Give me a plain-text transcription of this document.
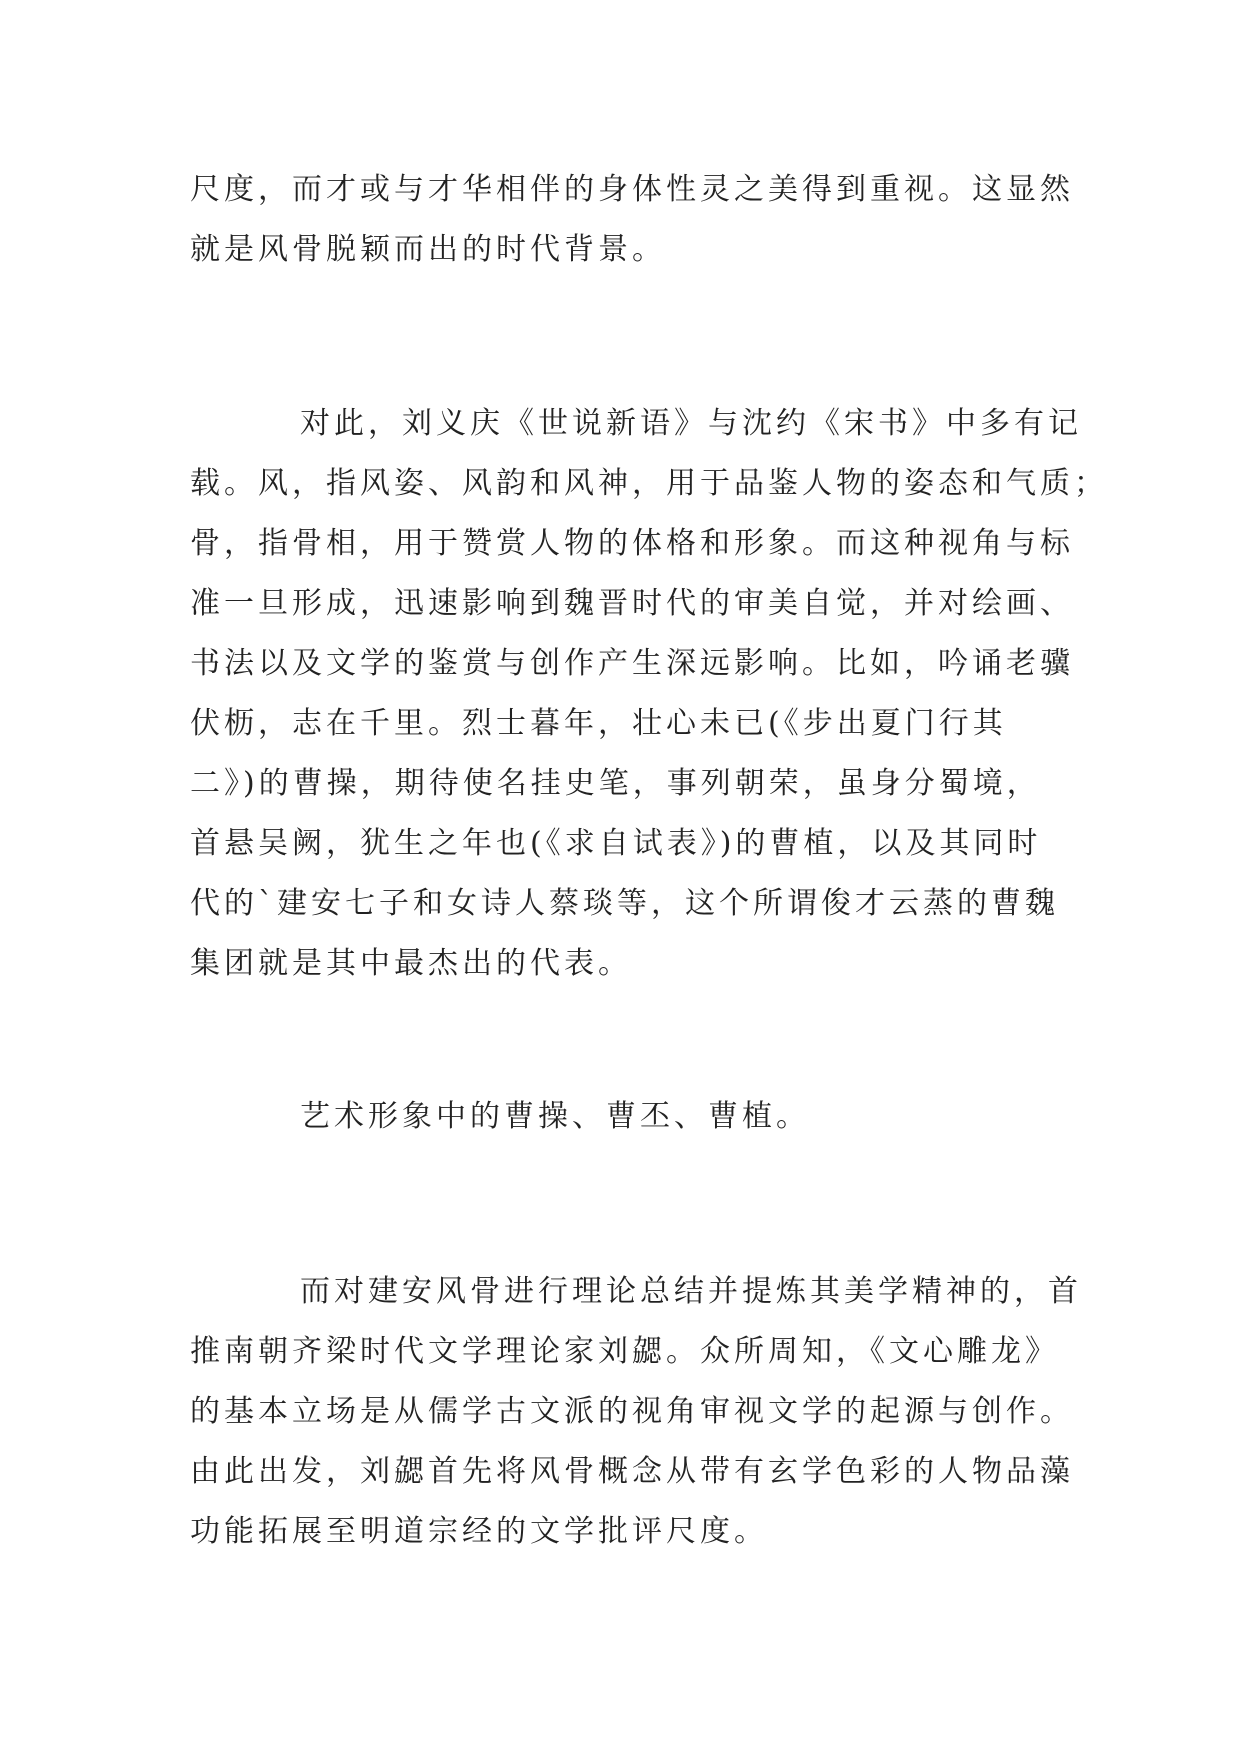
尺度，而才或与才华相伴的身体性灵之美得到重视。这显然
就是风骨脱颖而出的时代背景。

对此，刘义庆《世说新语》与沈约《宋书》中多有记
载。风，指风姿、风韵和风神，用于品鉴人物的姿态和气质；
骨，指骨相，用于赞赏人物的体格和形象。而这种视角与标
准一旦形成，迅速影响到魏晋时代的审美自觉，并对绘画、
书法以及文学的鉴赏与创作产生深远影响。比如，吟诵老骥
伏枥，志在千里。烈士暮年，壮心未已(《步出夏门行其
二》)的曹操，期待使名挂史笔，事列朝荣，虽身分蜀境，
首悬吴阙，犹生之年也(《求自试表》)的曹植，以及其同时
代的`建安七子和女诗人蔡琰等，这个所谓俊才云蒸的曹魏
集团就是其中最杰出的代表。

艺术形象中的曹操、曹丕、曹植。

而对建安风骨进行理论总结并提炼其美学精神的，首
推南朝齐梁时代文学理论家刘勰。众所周知，《文心雕龙》
的基本立场是从儒学古文派的视角审视文学的起源与创作。
由此出发，刘勰首先将风骨概念从带有玄学色彩的人物品藻
功能拓展至明道宗经的文学批评尺度。
